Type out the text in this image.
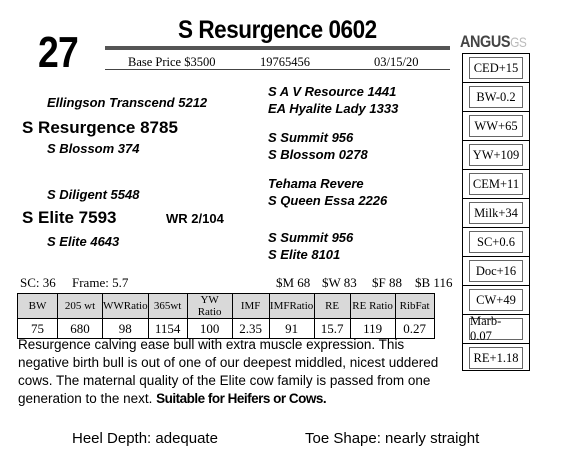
27	S Resurgence 0602
Base Price $3500	19765456	03/15/20
ANGUSGS
Ellingson Transcend 5212
S Resurgence 8785
S Blossom 374
S Diligent 5548
S Elite 7593	WR 2/104
S Elite 4643
S A V Resource 1441
EA Hyalite Lady 1333
S Summit 956
S Blossom 0278
Tehama Revere
S Queen Essa 2226
S Summit 956
S Elite 8101
SC: 36 Frame: 5.7	$M 68 $W 83 $F 88 $B 116
BW	205 wt	WWRatio	365wt	YW Ratio	IMF	IMFRatio	RE	RE Ratio	RibFat
75	680	98	1154	100	2.35	91	15.7	119	0.27
CED+15
BW-0.2
WW+65
YW+109
CEM+11
Milk+34
SC+0.6
Doc+16
CW+49
Marb-0.07
RE+1.18
Resurgence calving ease bull with extra muscle expression. This negative birth bull is out of one of our deepest middled, nicest uddered cows. The maternal quality of the Elite cow family is passed from one generation to the next. Suitable for Heifers or Cows.
Heel Depth: adequate	Toe Shape: nearly straight
